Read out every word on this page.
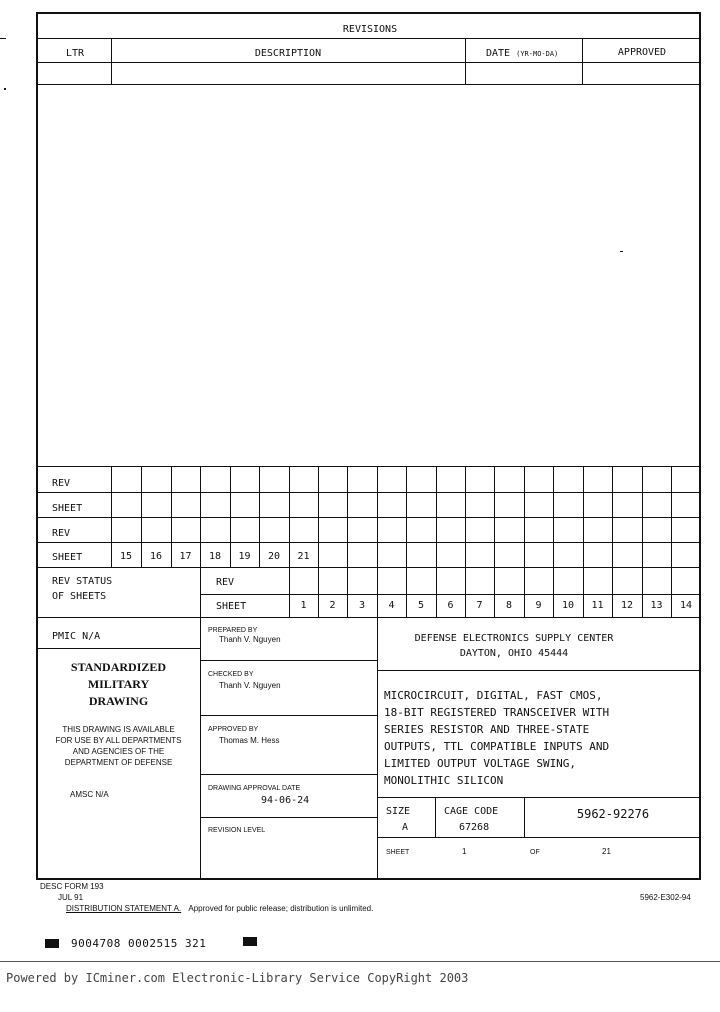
REVISIONS
LTR	DESCRIPTION	DATE (YR-MO-DA)	APPROVED
REV
SHEET
REV
SHEET	15	16	17	18	19	20	21
REV STATUS
OF SHEETS
REV
SHEET	1	2	3	4	5	6	7	8	9	10	11	12	13	14
PMIC N/A
STANDARDIZED
MILITARY
DRAWING
THIS DRAWING IS AVAILABLE
FOR USE BY ALL DEPARTMENTS
AND AGENCIES OF THE
DEPARTMENT OF DEFENSE
AMSC N/A
PREPARED BY
Thanh V. Nguyen
CHECKED BY
Thanh V. Nguyen
APPROVED BY
Thomas M. Hess
DRAWING APPROVAL DATE
94-06-24
REVISION LEVEL
DEFENSE ELECTRONICS SUPPLY CENTER
DAYTON, OHIO 45444
MICROCIRCUIT, DIGITAL, FAST CMOS,
18-BIT REGISTERED TRANSCEIVER WITH
SERIES RESISTOR AND THREE-STATE
OUTPUTS, TTL COMPATIBLE INPUTS AND
LIMITED OUTPUT VOLTAGE SWING,
MONOLITHIC SILICON
SIZE
A
CAGE CODE
67268
5962-92276
SHEET	1	OF	21
DESC FORM 193
JUL 91
DISTRIBUTION STATEMENT A. Approved for public release; distribution is unlimited.
5962-E302-94
9004708 0002515 321
Powered by ICminer.com Electronic-Library Service CopyRight 2003
